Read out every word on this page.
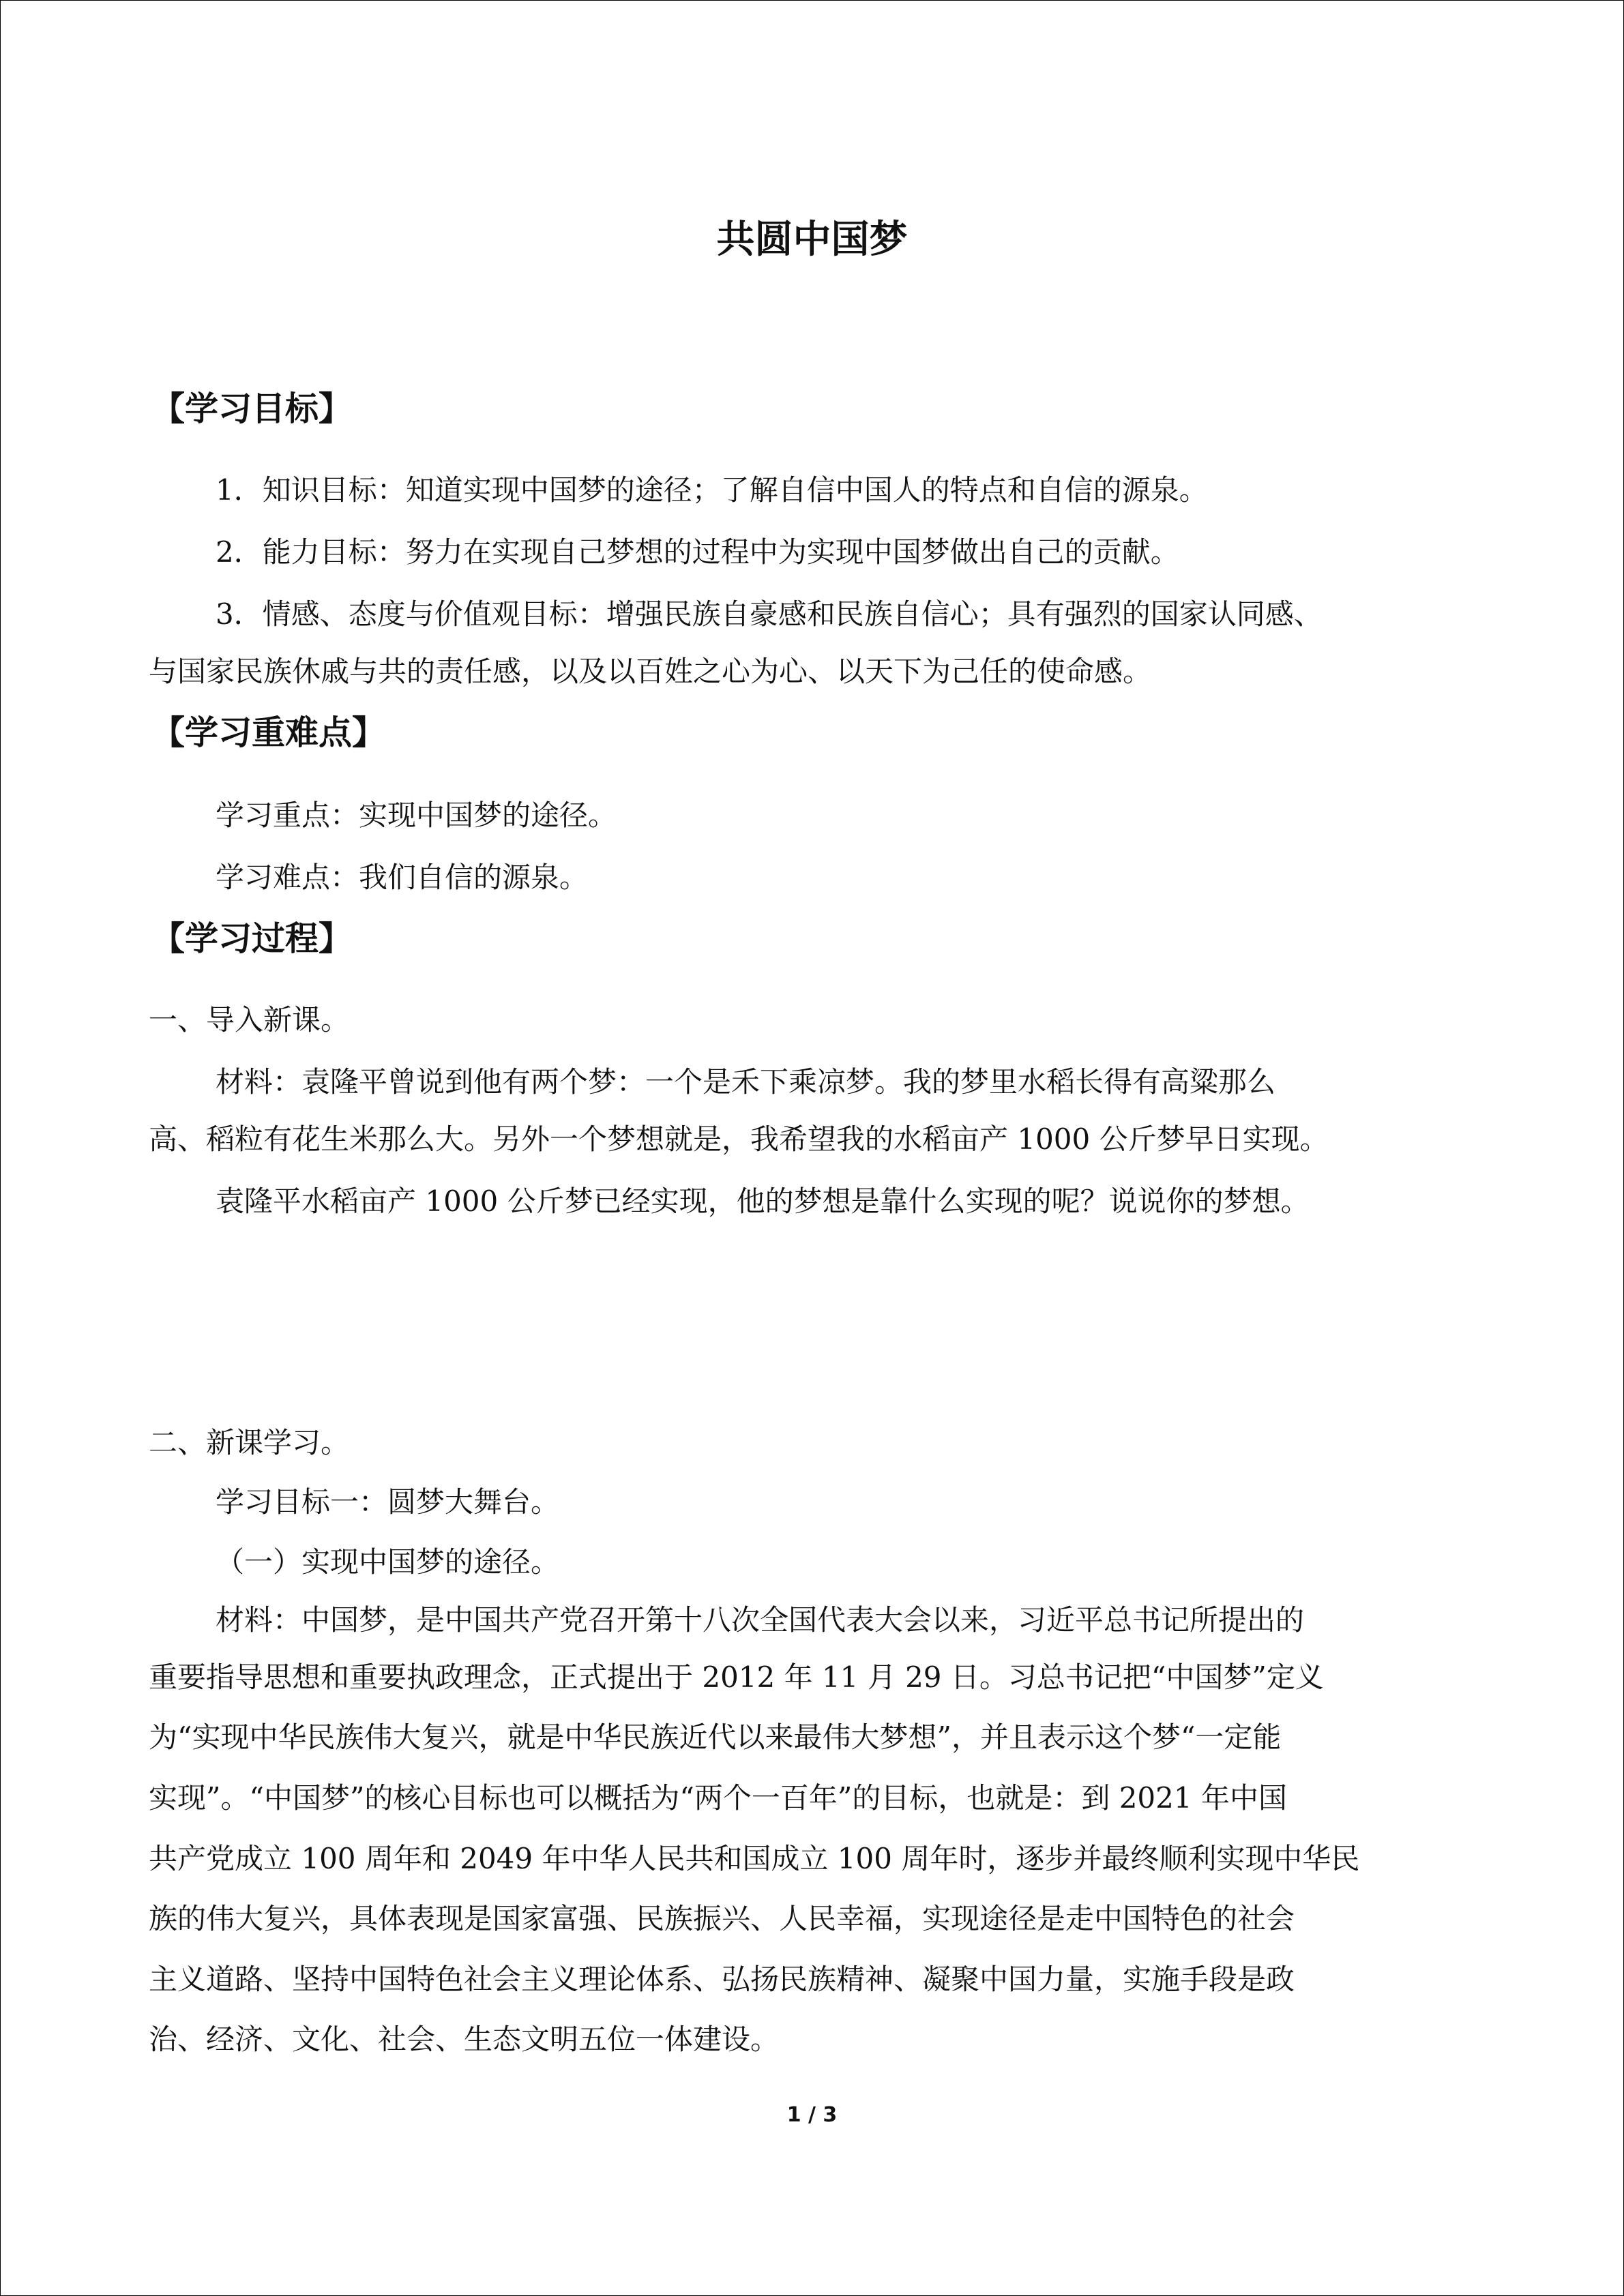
共圆中国梦
【学习目标】
1．知识目标：知道实现中国梦的途径；了解自信中国人的特点和自信的源泉。
2．能力目标：努力在实现自己梦想的过程中为实现中国梦做出自己的贡献。
3．情感、态度与价值观目标：增强民族自豪感和民族自信心；具有强烈的国家认同感、
与国家民族休戚与共的责任感，以及以百姓之心为心、以天下为己任的使命感。
【学习重难点】
学习重点：实现中国梦的途径。
学习难点：我们自信的源泉。
【学习过程】
一、导入新课。
材料：袁隆平曾说到他有两个梦：一个是禾下乘凉梦。我的梦里水稻长得有高粱那么
高、稻粒有花生米那么大。另外一个梦想就是，我希望我的水稻亩产 1000 公斤梦早日实现。
袁隆平水稻亩产 1000 公斤梦已经实现，他的梦想是靠什么实现的呢？说说你的梦想。
二、新课学习。
学习目标一：圆梦大舞台。
（一）实现中国梦的途径。
材料：中国梦，是中国共产党召开第十八次全国代表大会以来，习近平总书记所提出的
重要指导思想和重要执政理念，正式提出于 2012 年 11 月 29 日。习总书记把“中国梦”定义
为“实现中华民族伟大复兴，就是中华民族近代以来最伟大梦想”，并且表示这个梦“一定能
实现”。“中国梦”的核心目标也可以概括为“两个一百年”的目标，也就是：到 2021 年中国
共产党成立 100 周年和 2049 年中华人民共和国成立 100 周年时，逐步并最终顺利实现中华民
族的伟大复兴，具体表现是国家富强、民族振兴、人民幸福，实现途径是走中国特色的社会
主义道路、坚持中国特色社会主义理论体系、弘扬民族精神、凝聚中国力量，实施手段是政
治、经济、文化、社会、生态文明五位一体建设。
1 / 3
